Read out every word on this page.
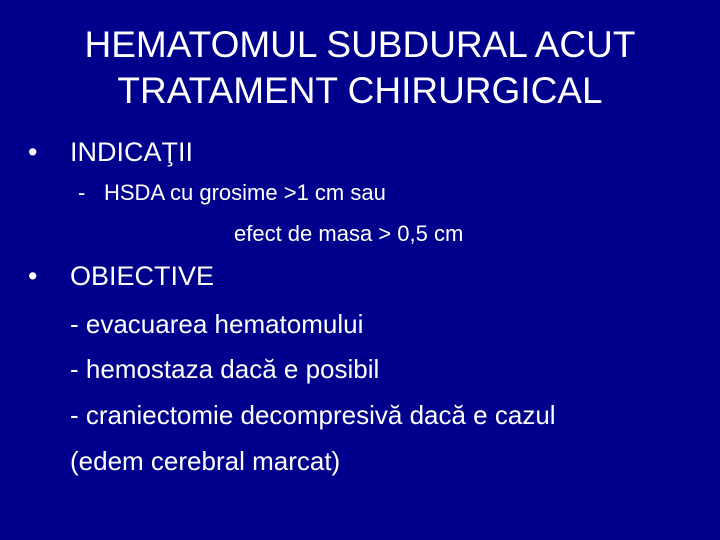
HEMATOMUL SUBDURAL ACUT
TRATAMENT CHIRURGICAL
• INDICAŢII
- HSDA cu grosime >1 cm sau
efect de masa > 0,5 cm
• OBIECTIVE
- evacuarea hematomului
- hemostaza dacă e posibil
- craniectomie decompresivă dacă e cazul
(edem cerebral marcat)
